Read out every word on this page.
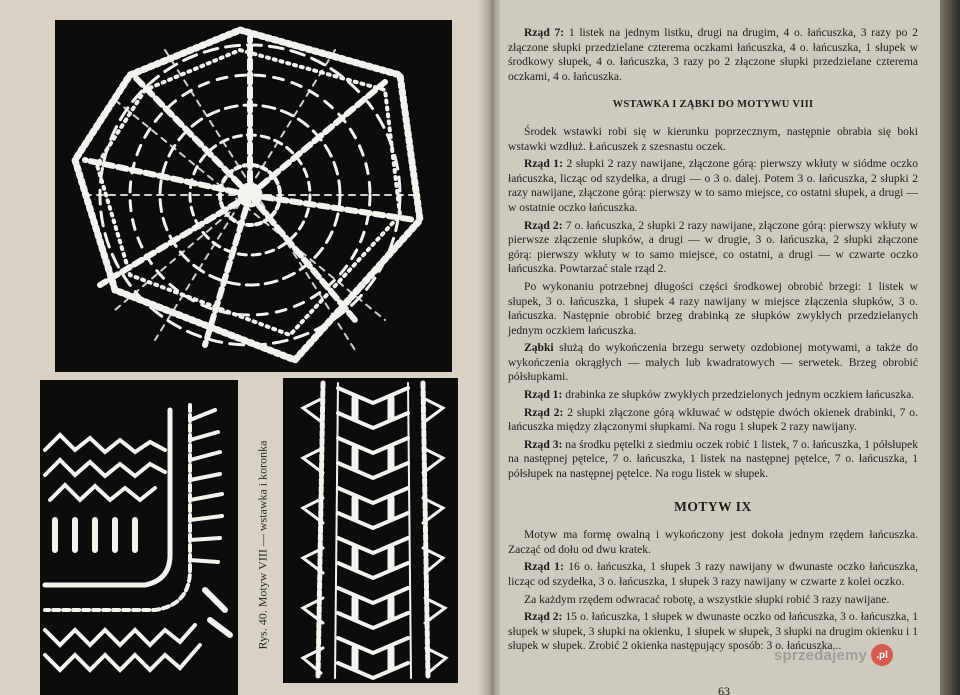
Rys. 40. Motyw VIII — wstawka i koronka

Rząd 7: 1 listek na jednym listku, drugi na drugim, 4 o. łańcuszka, 3 razy po 2 złączone słupki przedzielane czterema oczkami łańcuszka, 4 o. łańcuszka, 1 słupek w środkowy słupek, 4 o. łańcuszka, 3 razy po 2 złączone słupki przedzielane czterema oczkami, 4 o. łańcuszka.

WSTAWKA I ZĄBKI DO MOTYWU VIII

Środek wstawki robi się w kierunku poprzecznym, następnie obrabia się boki wstawki wzdłuż. Łańcuszek z szesnastu oczek.

Rząd 1: 2 słupki 2 razy nawijane, złączone górą: pierwszy wkłuty w siódme oczko łańcuszka, licząc od szydełka, a drugi — o 3 o. dalej. Potem 3 o. łańcuszka, 2 słupki 2 razy nawijane, złączone górą: pierwszy w to samo miejsce, co ostatni słupek, a drugi — w ostatnie oczko łańcuszka.

Rząd 2: 7 o. łańcuszka, 2 słupki 2 razy nawijane, złączone górą: pierwszy wkłuty w pierwsze złączenie słupków, a drugi — w drugie, 3 o. łańcuszka, 2 słupki złączone górą: pierwszy wkłuty w to samo miejsce, co ostatni, a drugi — w czwarte oczko łańcuszka. Powtarzać stale rząd 2.

Po wykonaniu potrzebnej długości części środkowej obrobić brzegi: 1 listek w słupek, 3 o. łańcuszka, 1 słupek 4 razy nawijany w miejsce złączenia słupków, 3 o. łańcuszka. Następnie obrobić brzeg drabinką ze słupków zwykłych przedzielanych jednym oczkiem łańcuszka.

Ząbki służą do wykończenia brzegu serwety ozdobionej motywami, a także do wykończenia okrągłych — małych lub kwadratowych — serwetek. Brzeg obrobić półsłupkami.

Rząd 1: drabinka ze słupków zwykłych przedzielonych jednym oczkiem łańcuszka.

Rząd 2: 2 słupki złączone górą wkłuwać w odstępie dwóch okienek drabinki, 7 o. łańcuszka między złączonymi słupkami. Na rogu 1 słupek 2 razy nawijany.

Rząd 3: na środku pętelki z siedmiu oczek robić 1 listek, 7 o. łańcuszka, 1 półsłupek na następnej pętelce, 7 o. łańcuszka, 1 listek na następnej pętelce, 7 o. łańcuszka, 1 półsłupek na następnej pętelce. Na rogu listek w słupek.

MOTYW IX

Motyw ma formę owalną i wykończony jest dokoła jednym rzędem łańcuszka. Zacząć od dołu od dwu kratek.

Rząd 1: 16 o. łańcuszka, 1 słupek 3 razy nawijany w dwunaste oczko łańcuszka, licząc od szydełka, 3 o. łańcuszka, 1 słupek 3 razy nawijany w czwarte z kolei oczko.

Za każdym rzędem odwracać robotę, a wszystkie słupki robić 3 razy nawijane.

Rząd 2: 15 o. łańcuszka, 1 słupek w dwunaste oczko od łańcuszka, 3 o. łańcuszka, 1 słupek w słupek, 3 słupki na okienku, 1 słupek w słupek, 3 słupki na drugim okienku i 1 słupek w słupek. Zrobić 2 okienka następujący sposób: 3 o. łańcuszka...

63
sprzedajemy .pl
